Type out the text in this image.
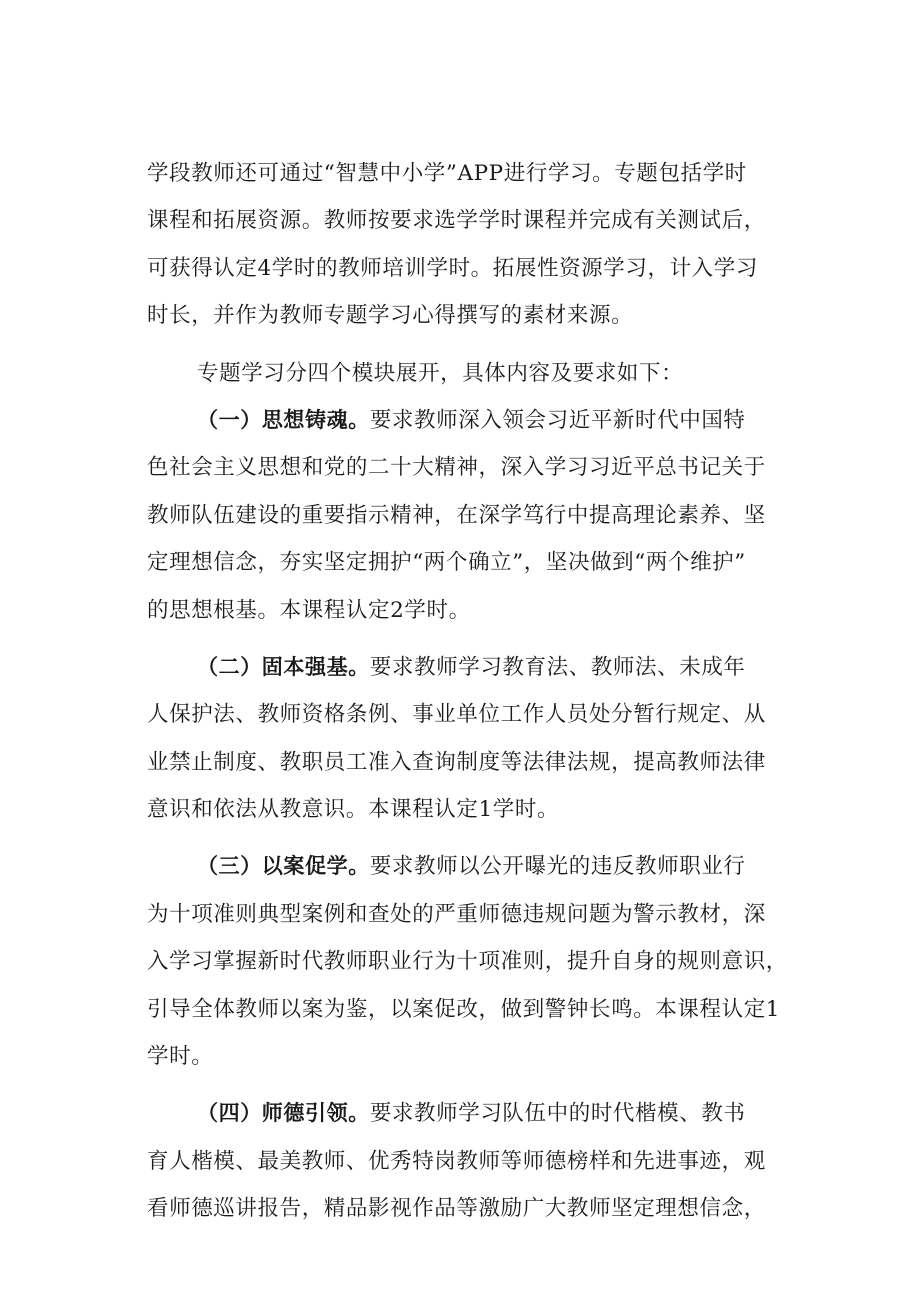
学段教师还可通过“智慧中小学”APP进行学习。专题包括学时
课程和拓展资源。教师按要求选学学时课程并完成有关测试后，
可获得认定4学时的教师培训学时。拓展性资源学习，计入学习
时长，并作为教师专题学习心得撰写的素材来源。
专题学习分四个模块展开，具体内容及要求如下：
（一）思想铸魂。要求教师深入领会习近平新时代中国特
色社会主义思想和党的二十大精神，深入学习习近平总书记关于
教师队伍建设的重要指示精神，在深学笃行中提高理论素养、坚
定理想信念，夯实坚定拥护“两个确立”，坚决做到“两个维护”
的思想根基。本课程认定2学时。
（二）固本强基。要求教师学习教育法、教师法、未成年
人保护法、教师资格条例、事业单位工作人员处分暂行规定、从
业禁止制度、教职员工准入查询制度等法律法规，提高教师法律
意识和依法从教意识。本课程认定1学时。
（三）以案促学。要求教师以公开曝光的违反教师职业行
为十项准则典型案例和查处的严重师德违规问题为警示教材，深
入学习掌握新时代教师职业行为十项准则，提升自身的规则意识，
引导全体教师以案为鉴，以案促改，做到警钟长鸣。本课程认定1
学时。
（四）师德引领。要求教师学习队伍中的时代楷模、教书
育人楷模、最美教师、优秀特岗教师等师德榜样和先进事迹，观
看师德巡讲报告，精品影视作品等激励广大教师坚定理想信念，
